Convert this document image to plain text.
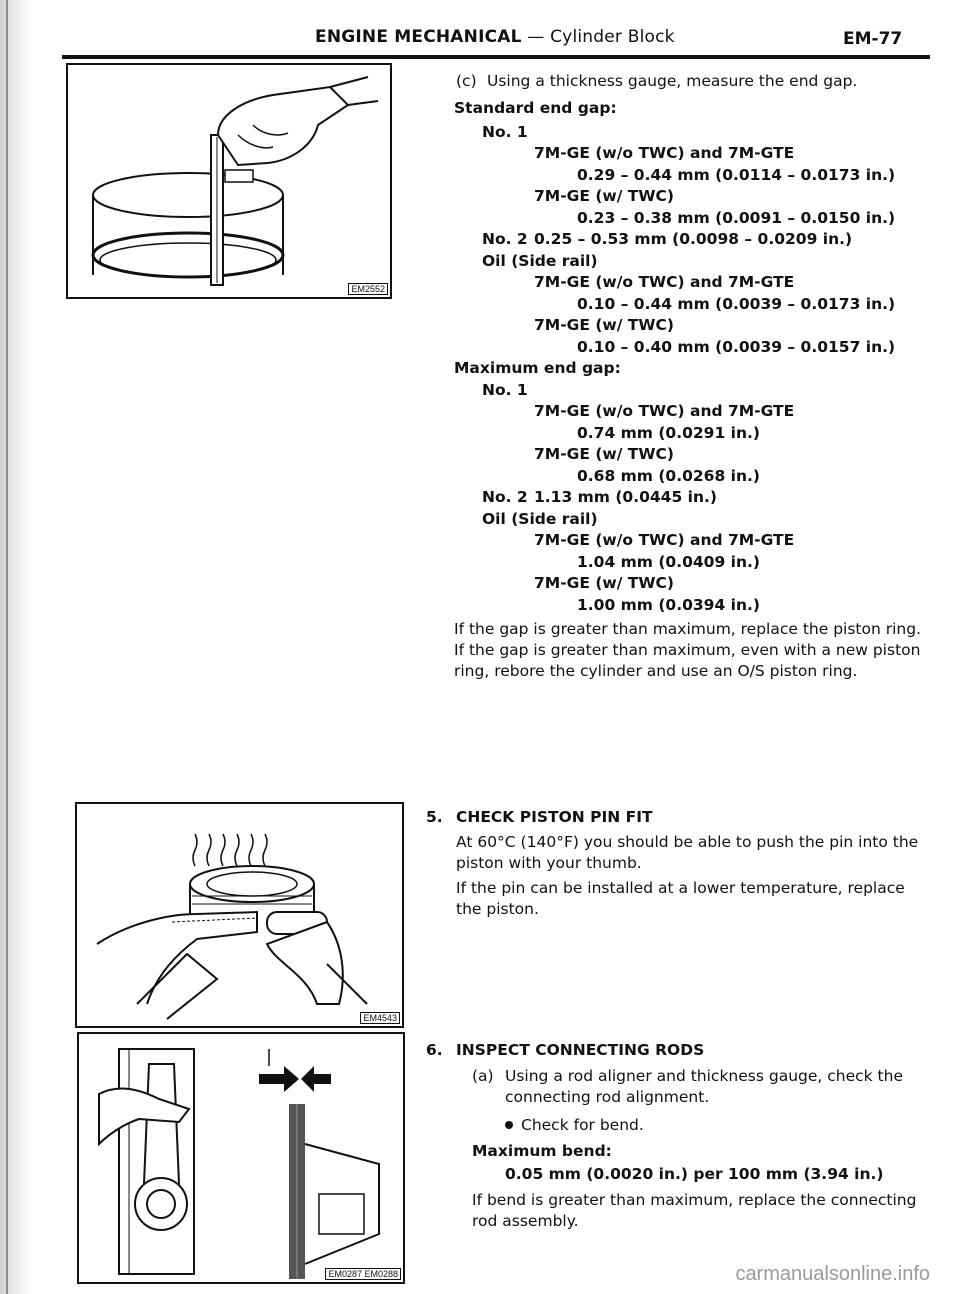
ENGINE MECHANICAL — Cylinder Block	EM-77
EM2552
EM4543
EM0287 EM0288
(c) Using a thickness gauge, measure the end gap.
Standard end gap:
No. 1
7M-GE (w/o TWC) and 7M-GTE
0.29 – 0.44 mm (0.0114 – 0.0173 in.)
7M-GE (w/ TWC)
0.23 – 0.38 mm (0.0091 – 0.0150 in.)
No. 2 0.25 – 0.53 mm (0.0098 – 0.0209 in.)
Oil (Side rail)
7M-GE (w/o TWC) and 7M-GTE
0.10 – 0.44 mm (0.0039 – 0.0173 in.)
7M-GE (w/ TWC)
0.10 – 0.40 mm (0.0039 – 0.0157 in.)
Maximum end gap:
No. 1
7M-GE (w/o TWC) and 7M-GTE
0.74 mm (0.0291 in.)
7M-GE (w/ TWC)
0.68 mm (0.0268 in.)
No. 2 1.13 mm (0.0445 in.)
Oil (Side rail)
7M-GE (w/o TWC) and 7M-GTE
1.04 mm (0.0409 in.)
7M-GE (w/ TWC)
1.00 mm (0.0394 in.)
If the gap is greater than maximum, replace the piston ring. If the gap is greater than maximum, even with a new piston ring, rebore the cylinder and use an O/S piston ring.
5. CHECK PISTON PIN FIT
At 60°C (140°F) you should be able to push the pin into the piston with your thumb.
If the pin can be installed at a lower temperature, replace the piston.
6. INSPECT CONNECTING RODS
(a) Using a rod aligner and thickness gauge, check the connecting rod alignment.
Check for bend.
Maximum bend:
0.05 mm (0.0020 in.) per 100 mm (3.94 in.)
If bend is greater than maximum, replace the connecting rod assembly.
carmanualsonline.info
